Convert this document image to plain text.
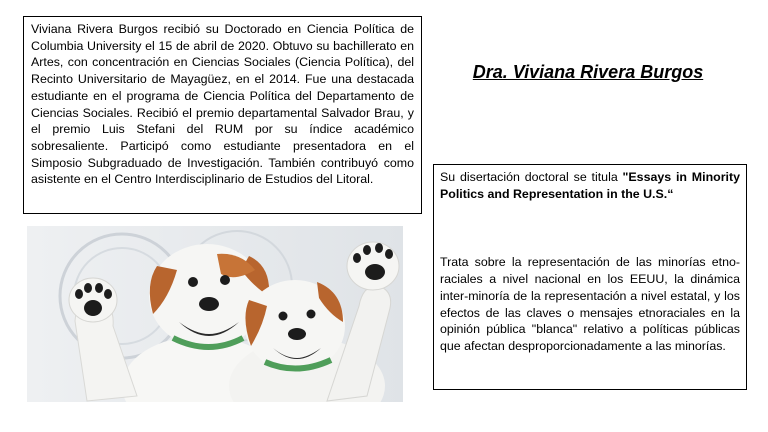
Viviana Rivera Burgos recibió su Doctorado en Ciencia Política de Columbia University el 15 de abril de 2020. Obtuvo su bachillerato en Artes, con concentración en Ciencias Sociales (Ciencia Política), del Recinto Universitario de Mayagüez, en el 2014. Fue una destacada estudiante en el programa de Ciencia Política del Departamento de Ciencias Sociales. Recibió el premio departamental Salvador Brau, y el premio Luis Stefani del RUM por su índice académico sobresaliente. Participó como estudiante presentadora en el Simposio Subgraduado de Investigación. También contribuyó como asistente en el Centro Interdisciplinario de Estudios del Litoral.
Dra. Viviana Rivera Burgos
Su disertación doctoral se titula "Essays in Minority Politics and Representation in the U.S.“
Trata sobre la representación de las minorías etno-raciales a nivel nacional en los EEUU, la dinámica inter-minoría de la representación a nivel estatal, y los efectos de las claves o mensajes etnoraciales en la opinión pública "blanca" relativo a políticas públicas que afectan desproporcionadamente a las minorías.
